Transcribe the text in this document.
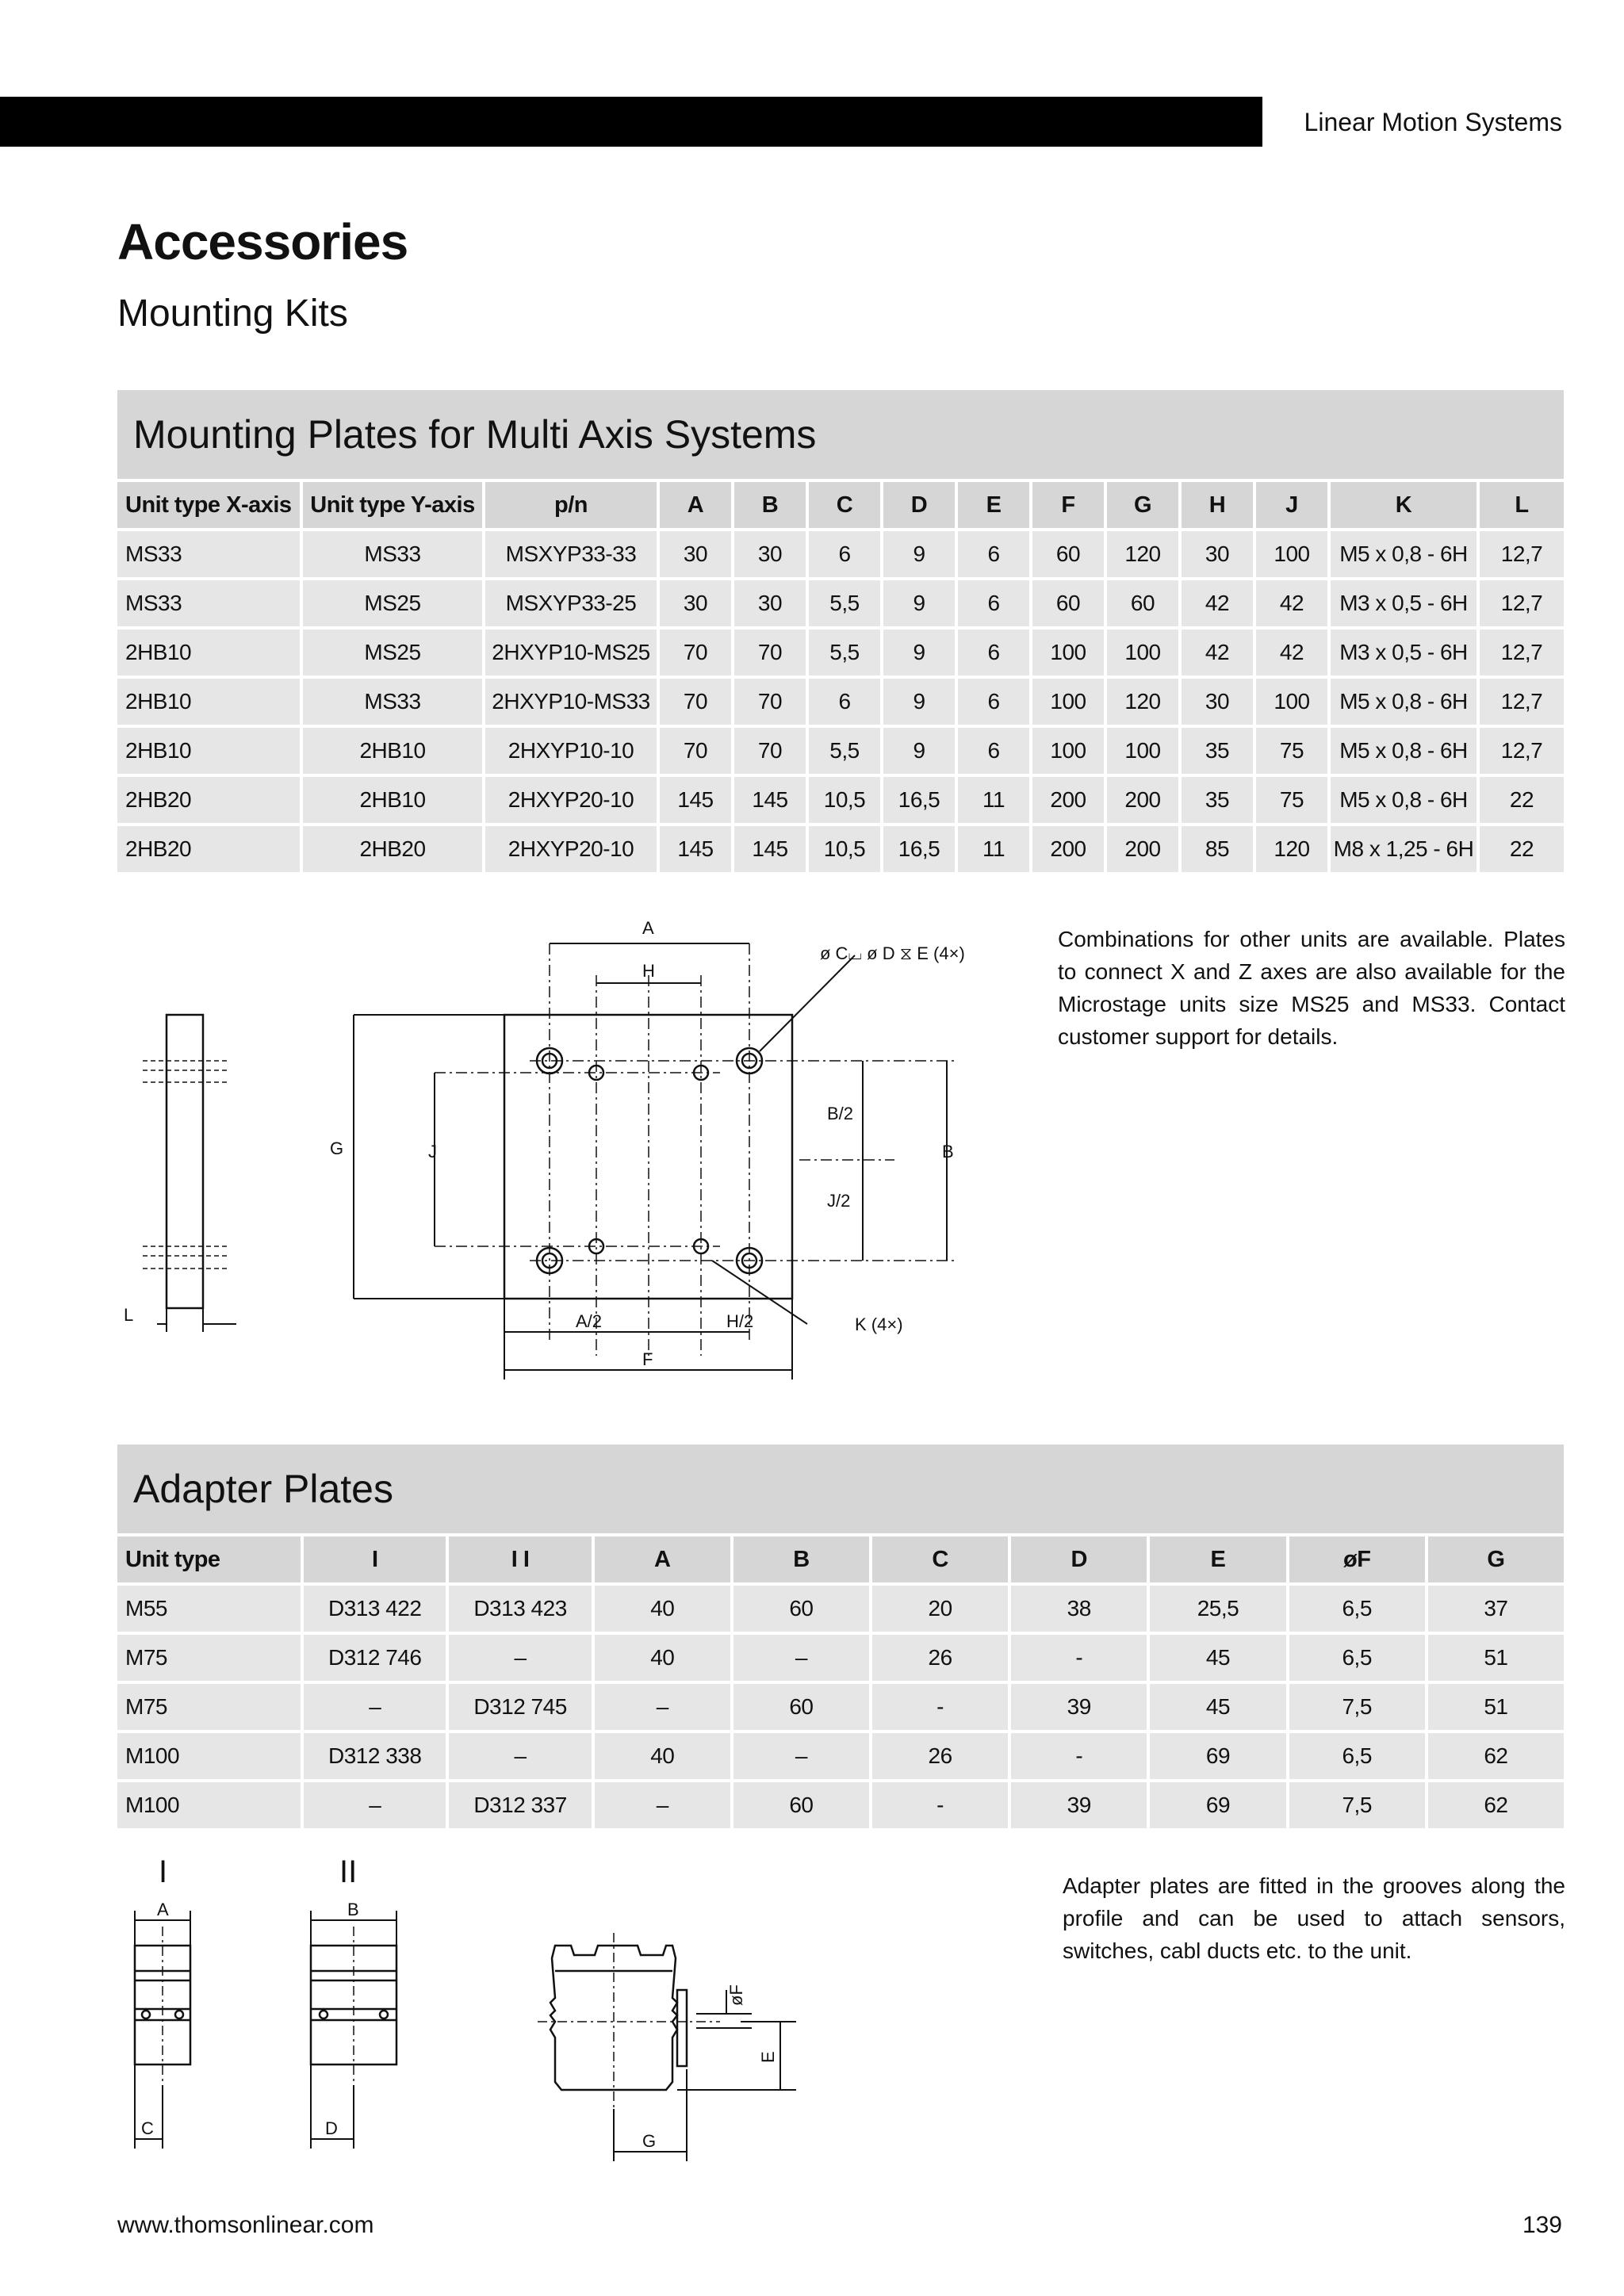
Linear Motion Systems
Accessories
Mounting Kits
Mounting Plates for Multi Axis Systems
Unit type X-axis	Unit type Y-axis	p/n	A	B	C	D	E	F	G	H	J	K	L
MS33	MS33	MSXYP33-33	30	30	6	9	6	60	120	30	100	M5 x 0,8 - 6H	12,7
MS33	MS25	MSXYP33-25	30	30	5,5	9	6	60	60	42	42	M3 x 0,5 - 6H	12,7
2HB10	MS25	2HXYP10-MS25	70	70	5,5	9	6	100	100	42	42	M3 x 0,5 - 6H	12,7
2HB10	MS33	2HXYP10-MS33	70	70	6	9	6	100	120	30	100	M5 x 0,8 - 6H	12,7
2HB10	2HB10	2HXYP10-10	70	70	5,5	9	6	100	100	35	75	M5 x 0,8 - 6H	12,7
2HB20	2HB10	2HXYP20-10	145	145	10,5	16,5	11	200	200	35	75	M5 x 0,8 - 6H	22
2HB20	2HB20	2HXYP20-10	145	145	10,5	16,5	11	200	200	85	120	M8 x 1,25 - 6H	22
A
H
ø C⌴ ø D ⧖ E (4×)
B/2
B
J/2
G	J
L	A/2	H/2	K (4×)
F
Combinations for other units are available. Plates to connect X and Z axes are also available for the Microstage units size MS25 and MS33. Contact customer support for details.
Adapter Plates
Unit type	I	I I	A	B	C	D	E	øF	G
M55	D313 422	D313 423	40	60	20	38	25,5	6,5	37
M75	D312 746	–	40	–	26	-	45	6,5	51
M75	–	D312 745	–	60	-	39	45	7,5	51
M100	D312 338	–	40	–	26	-	69	6,5	62
M100	–	D312 337	–	60	-	39	69	7,5	62
I	II
A	B
C	D
G
øF
E
Adapter plates are fitted in the grooves along the profile and can be used to attach sensors, switches, cabl ducts etc. to the unit.
www.thomsonlinear.com	139
